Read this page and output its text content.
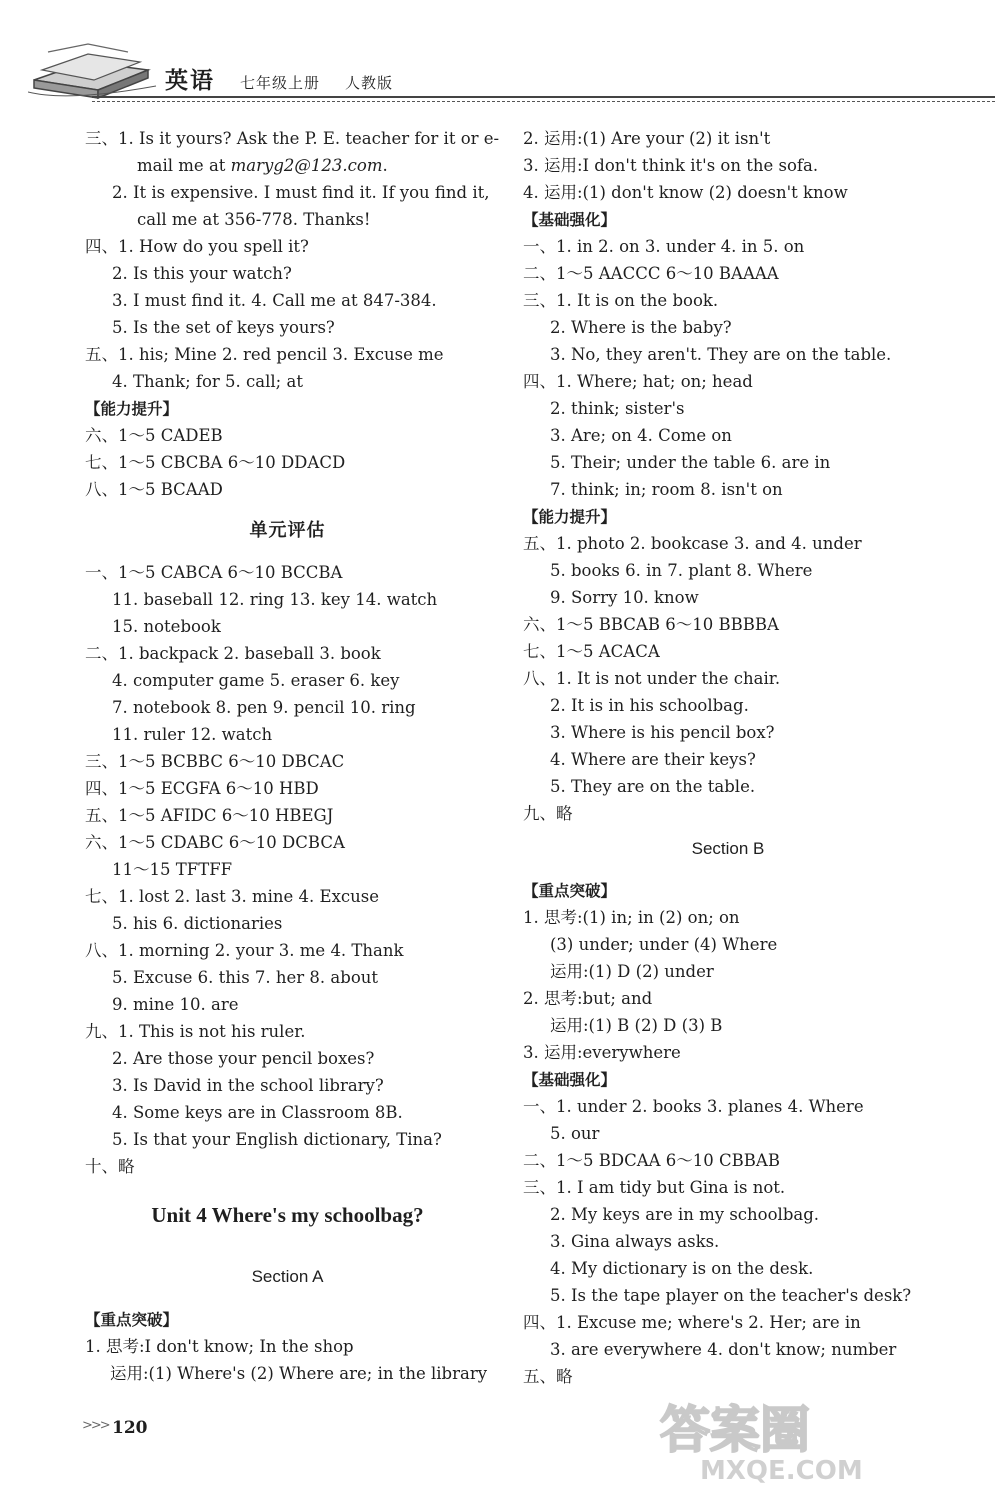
英语 七年级上册 人教版
三、1. Is it yours? Ask the P. E. teacher for it or e-
mail me at maryg2@123.com.
2. It is expensive. I must find it. If you find it,
call me at 356-778. Thanks!
四、1. How do you spell it?
2. Is this your watch?
3. I must find it. 4. Call me at 847-384.
5. Is the set of keys yours?
五、1. his; Mine 2. red pencil 3. Excuse me
4. Thank; for 5. call; at
【能力提升】
六、1～5 CADEB
七、1～5 CBCBA 6～10 DDACD
八、1～5 BCAAD
单元评估
一、1～5 CABCA 6～10 BCCBA
11. baseball 12. ring 13. key 14. watch
15. notebook
二、1. backpack 2. baseball 3. book
4. computer game 5. eraser 6. key
7. notebook 8. pen 9. pencil 10. ring
11. ruler 12. watch
三、1～5 BCBBC 6～10 DBCAC
四、1～5 ECGFA 6～10 HBD
五、1～5 AFIDC 6～10 HBEGJ
六、1～5 CDABC 6～10 DCBCA
11～15 TFTFF
七、1. lost 2. last 3. mine 4. Excuse
5. his 6. dictionaries
八、1. morning 2. your 3. me 4. Thank
5. Excuse 6. this 7. her 8. about
9. mine 10. are
九、1. This is not his ruler.
2. Are those your pencil boxes?
3. Is David in the school library?
4. Some keys are in Classroom 8B.
5. Is that your English dictionary, Tina?
十、略
Unit 4 Where's my schoolbag?
Section A
【重点突破】
1. 思考:I don't know; In the shop
运用:(1) Where's (2) Where are; in the library
2. 运用:(1) Are your (2) it isn't
3. 运用:I don't think it's on the sofa.
4. 运用:(1) don't know (2) doesn't know
【基础强化】
一、1. in 2. on 3. under 4. in 5. on
二、1～5 AACCC 6～10 BAAAA
三、1. It is on the book.
2. Where is the baby?
3. No, they aren't. They are on the table.
四、1. Where; hat; on; head
2. think; sister's
3. Are; on 4. Come on
5. Their; under the table 6. are in
7. think; in; room 8. isn't on
【能力提升】
五、1. photo 2. bookcase 3. and 4. under
5. books 6. in 7. plant 8. Where
9. Sorry 10. know
六、1～5 BBCAB 6～10 BBBBA
七、1～5 ACACA
八、1. It is not under the chair.
2. It is in his schoolbag.
3. Where is his pencil box?
4. Where are their keys?
5. They are on the table.
九、略
Section B
【重点突破】
1. 思考:(1) in; in (2) on; on
(3) under; under (4) Where
运用:(1) D (2) under
2. 思考:but; and
运用:(1) B (2) D (3) B
3. 运用:everywhere
【基础强化】
一、1. under 2. books 3. planes 4. Where
5. our
二、1～5 BDCAA 6～10 CBBAB
三、1. I am tidy but Gina is not.
2. My keys are in my schoolbag.
3. Gina always asks.
4. My dictionary is on the desk.
5. Is the tape player on the teacher's desk?
四、1. Excuse me; where's 2. Her; are in
3. are everywhere 4. don't know; number
五、略
>>> 120	答案圈
MXQE.COM
